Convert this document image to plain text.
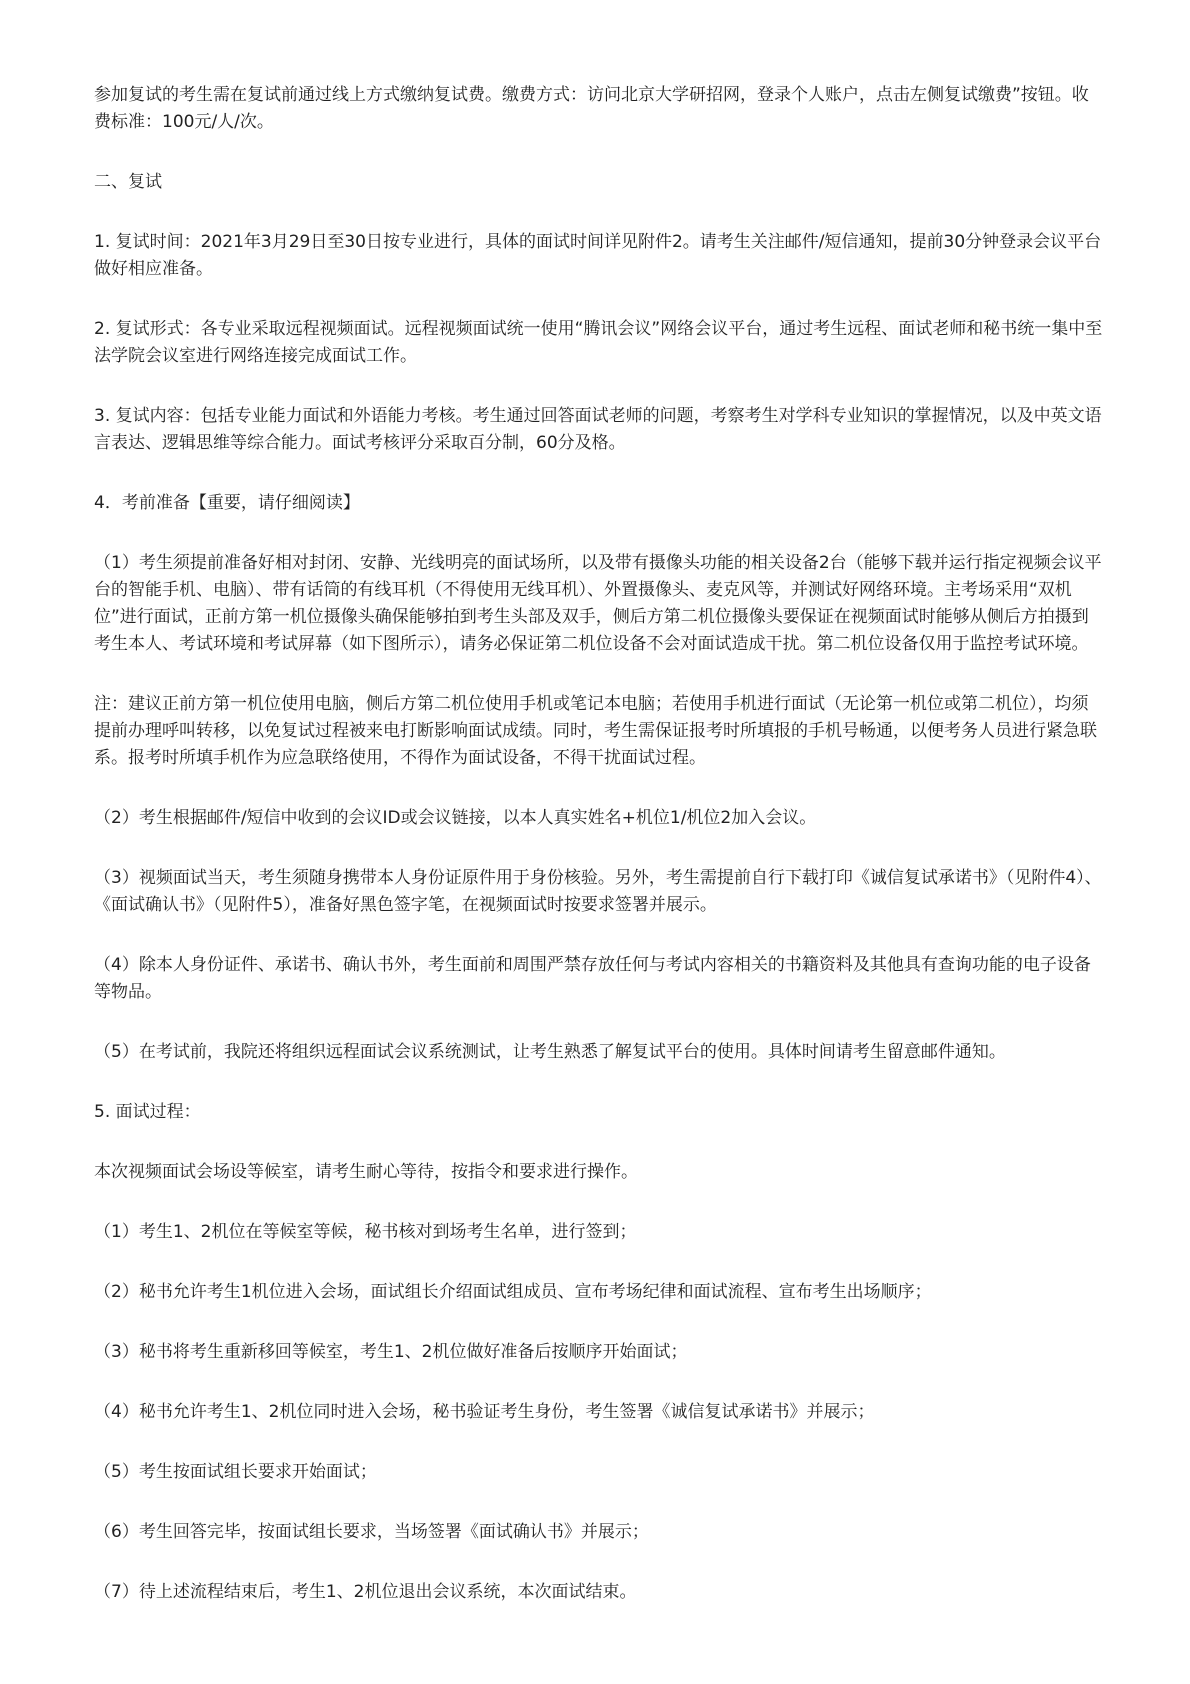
参加复试的考生需在复试前通过线上方式缴纳复试费。缴费方式：访问北京大学研招网，登录个人账户，点击左侧复试缴费”按钮。收费标准：100元/人/次。

二、复试

1. 复试时间：2021年3月29日至30日按专业进行，具体的面试时间详见附件2。请考生关注邮件/短信通知，提前30分钟登录会议平台做好相应准备。

2. 复试形式：各专业采取远程视频面试。远程视频面试统一使用“腾讯会议”网络会议平台，通过考生远程、面试老师和秘书统一集中至法学院会议室进行网络连接完成面试工作。

3. 复试内容：包括专业能力面试和外语能力考核。考生通过回答面试老师的问题，考察考生对学科专业知识的掌握情况，以及中英文语言表达、逻辑思维等综合能力。面试考核评分采取百分制，60分及格。

4．考前准备【重要，请仔细阅读】

（1）考生须提前准备好相对封闭、安静、光线明亮的面试场所，以及带有摄像头功能的相关设备2台（能够下载并运行指定视频会议平台的智能手机、电脑）、带有话筒的有线耳机（不得使用无线耳机）、外置摄像头、麦克风等，并测试好网络环境。主考场采用“双机位”进行面试，正前方第一机位摄像头确保能够拍到考生头部及双手，侧后方第二机位摄像头要保证在视频面试时能够从侧后方拍摄到考生本人、考试环境和考试屏幕（如下图所示），请务必保证第二机位设备不会对面试造成干扰。第二机位设备仅用于监控考试环境。

注：建议正前方第一机位使用电脑，侧后方第二机位使用手机或笔记本电脑；若使用手机进行面试（无论第一机位或第二机位），均须提前办理呼叫转移，以免复试过程被来电打断影响面试成绩。同时，考生需保证报考时所填报的手机号畅通，以便考务人员进行紧急联系。报考时所填手机作为应急联络使用，不得作为面试设备，不得干扰面试过程。

（2）考生根据邮件/短信中收到的会议ID或会议链接，以本人真实姓名+机位1/机位2加入会议。

（3）视频面试当天，考生须随身携带本人身份证原件用于身份核验。另外，考生需提前自行下载打印《诚信复试承诺书》（见附件4）、《面试确认书》（见附件5），准备好黑色签字笔，在视频面试时按要求签署并展示。

（4）除本人身份证件、承诺书、确认书外，考生面前和周围严禁存放任何与考试内容相关的书籍资料及其他具有查询功能的电子设备等物品。

（5）在考试前，我院还将组织远程面试会议系统测试，让考生熟悉了解复试平台的使用。具体时间请考生留意邮件通知。

5. 面试过程：

本次视频面试会场设等候室，请考生耐心等待，按指令和要求进行操作。

（1）考生1、2机位在等候室等候，秘书核对到场考生名单，进行签到；

（2）秘书允许考生1机位进入会场，面试组长介绍面试组成员、宣布考场纪律和面试流程、宣布考生出场顺序；

（3）秘书将考生重新移回等候室，考生1、2机位做好准备后按顺序开始面试；

（4）秘书允许考生1、2机位同时进入会场，秘书验证考生身份，考生签署《诚信复试承诺书》并展示；

（5）考生按面试组长要求开始面试；

（6）考生回答完毕，按面试组长要求，当场签署《面试确认书》并展示；

（7）待上述流程结束后，考生1、2机位退出会议系统，本次面试结束。
